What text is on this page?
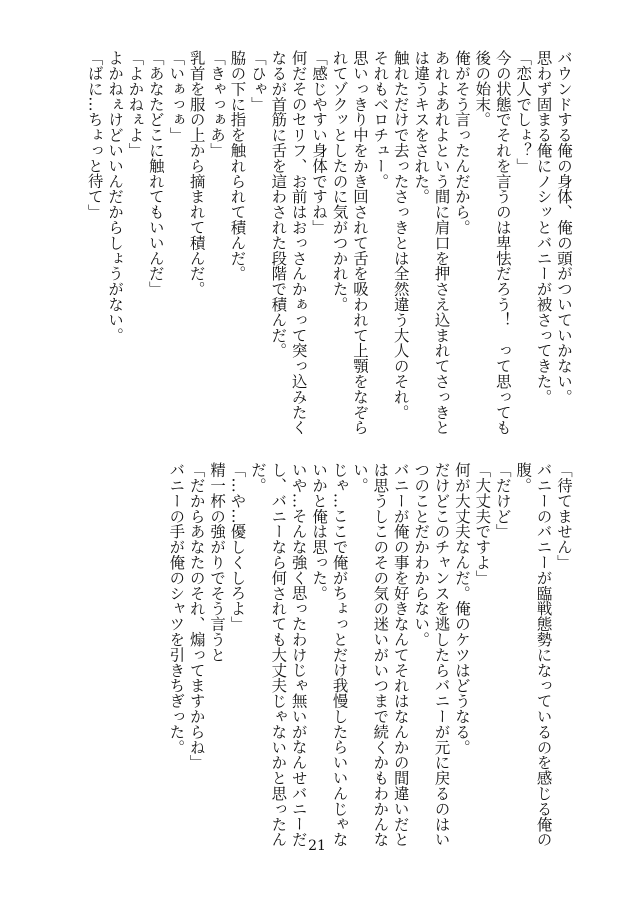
バウンドする俺の身体、俺の頭がついていかない。
思わず固まる俺にノシッとバニーが被さってきた。
「恋人でしょ？」
今の状態でそれを言うのは卑怯だろう！　って思っても
後の始末。
俺がそう言ったんだから。
あれよあれよという間に肩口を押さえ込まれてさっきと
は違うキスをされた。
触れただけで去ったさっきとは全然違う大人のそれ。
それもベロチュー。
思いっきり中をかき回されて舌を吸われて上顎をなぞら
れてゾクッとしたのに気がつかれた。
「感じやすい身体ですね」
何だそのセリフ、お前はおっさんかぁって突っ込みたく
なるが首筋に舌を這わされた段階で積んだ。
「ひゃ」
脇の下に指を触れられて積んだ。
「きゃっぁあ」
乳首を服の上から摘まれて積んだ。
「いぁっぁ」
「あなたどこに触れてもいいんだ」
「よかねぇよ」
よかねぇけどいいんだからしょうがない。
「ばに…ちょっと待て」
「待てません」
バニーのバニーが臨戦態勢になっているのを感じる俺の
腹。
「だけど」
「大丈夫ですよ」
何が大丈夫なんだ。俺のケツはどうなる。
だけどこのチャンスを逃したらバニーが元に戻るのはい
つのことだかわからない。
バニーが俺の事を好きなんてそれはなんかの間違いだと
は思うしこのその気の迷いがいつまで続くかもわかんな
い。
じゃ…ここで俺がちょっとだけ我慢したらいいんじゃな
いかと俺は思った。
いや…そんな強く思ったわけじゃ無いがなんせバニーだ
し、バニーなら何されても大丈夫じゃないかと思ったん
だ。
「…や…優しくしろよ」
精一杯の強がりでそう言うと
「だからあなたのそれ、煽ってますからね」
バニーの手が俺のシャツを引きちぎった。
21
